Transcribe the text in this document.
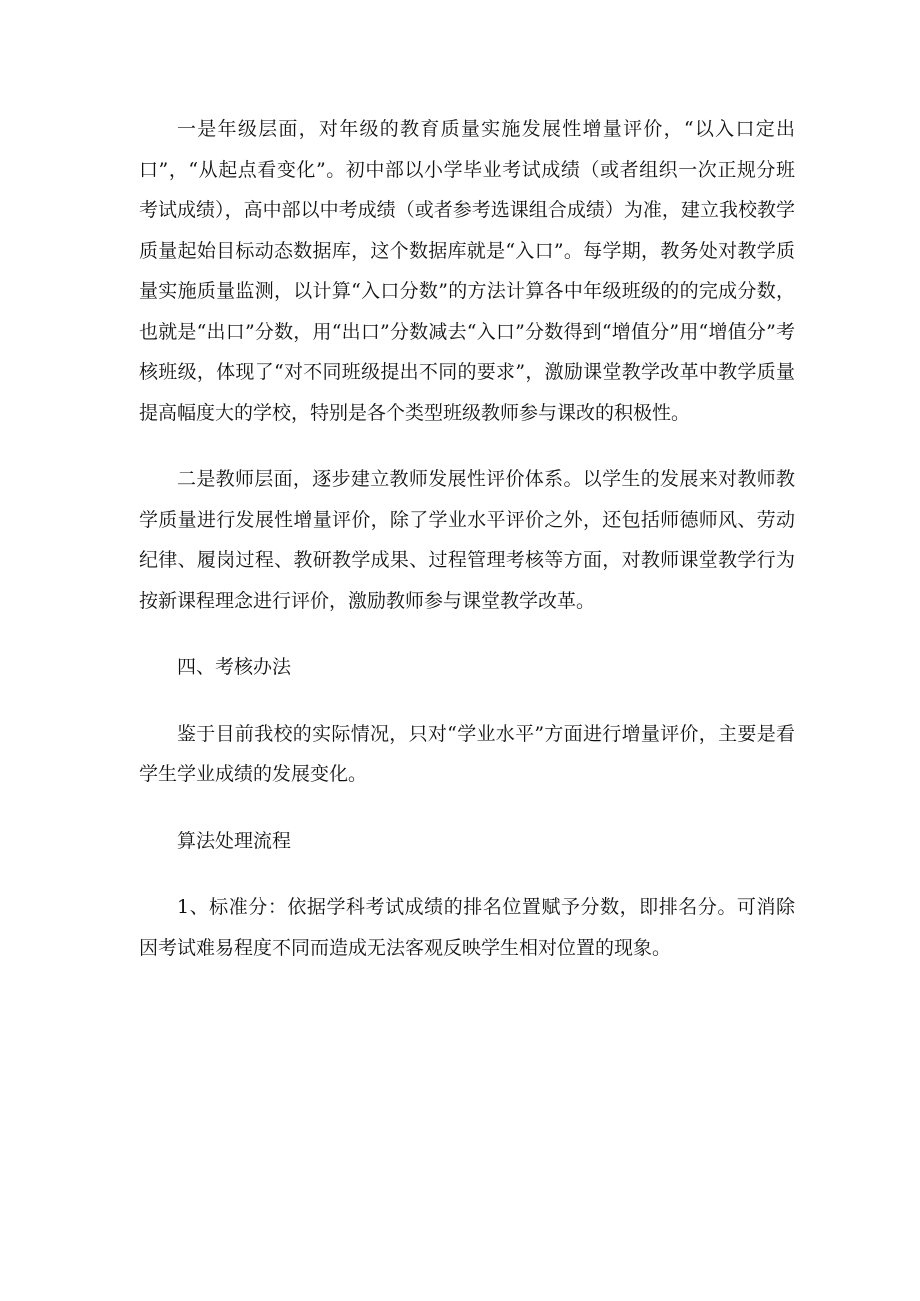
一是年级层面，对年级的教育质量实施发展性增量评价，“以入口定出口”，“从起点看变化”。初中部以小学毕业考试成绩（或者组织一次正规分班考试成绩），高中部以中考成绩（或者参考选课组合成绩）为准，建立我校教学质量起始目标动态数据库，这个数据库就是“入口”。每学期，教务处对教学质量实施质量监测，以计算“入口分数”的方法计算各中年级班级的的完成分数，也就是“出口”分数，用“出口”分数减去“入口”分数得到“增值分”用“增值分”考核班级，体现了“对不同班级提出不同的要求”，激励课堂教学改革中教学质量提高幅度大的学校，特别是各个类型班级教师参与课改的积极性。

二是教师层面，逐步建立教师发展性评价体系。以学生的发展来对教师教学质量进行发展性增量评价，除了学业水平评价之外，还包括师德师风、劳动纪律、履岗过程、教研教学成果、过程管理考核等方面，对教师课堂教学行为按新课程理念进行评价，激励教师参与课堂教学改革。

四、考核办法

鉴于目前我校的实际情况，只对“学业水平”方面进行增量评价，主要是看学生学业成绩的发展变化。

算法处理流程

1、标准分：依据学科考试成绩的排名位置赋予分数，即排名分。可消除因考试难易程度不同而造成无法客观反映学生相对位置的现象。
